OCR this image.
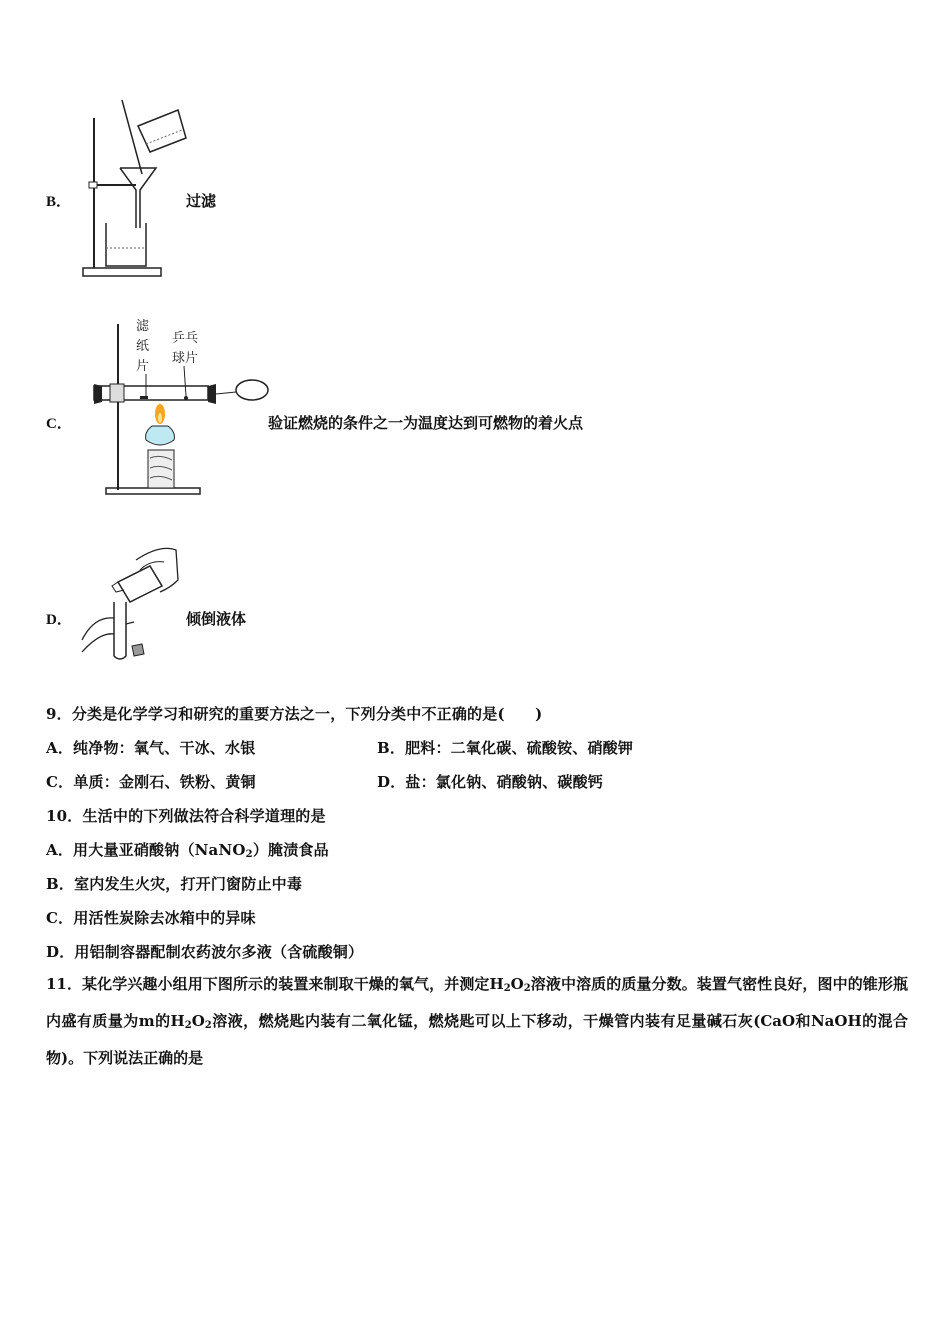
B．	过滤
C．
滤
纸
片
乒乓
球片
验证燃烧的条件之一为温度达到可燃物的着火点
D．	倾倒液体
9．分类是化学学习和研究的重要方法之一，下列分类中不正确的是(　　)
A．纯净物：氧气、干冰、水银	B．肥料：二氧化碳、硫酸铵、硝酸钾
C．单质：金刚石、铁粉、黄铜	D．盐：氯化钠、硝酸钠、碳酸钙
10．生活中的下列做法符合科学道理的是
A．用大量亚硝酸钠（NaNO$_2$）腌渍食品
B．室内发生火灾，打开门窗防止中毒
C．用活性炭除去冰箱中的异味
D．用铝制容器配制农药波尔多液（含硫酸铜）
11．某化学兴趣小组用下图所示的装置来制取干燥的氧气，并测定$H_2O_2$溶液中溶质的质量分数。装置气密性良好，图中的锥形瓶内盛有质量为m的$H_2O_2$溶液，燃烧匙内装有二氧化锰，燃烧匙可以上下移动，干燥管内装有足量碱石灰(CaO和NaOH的混合物)。下列说法正确的是
